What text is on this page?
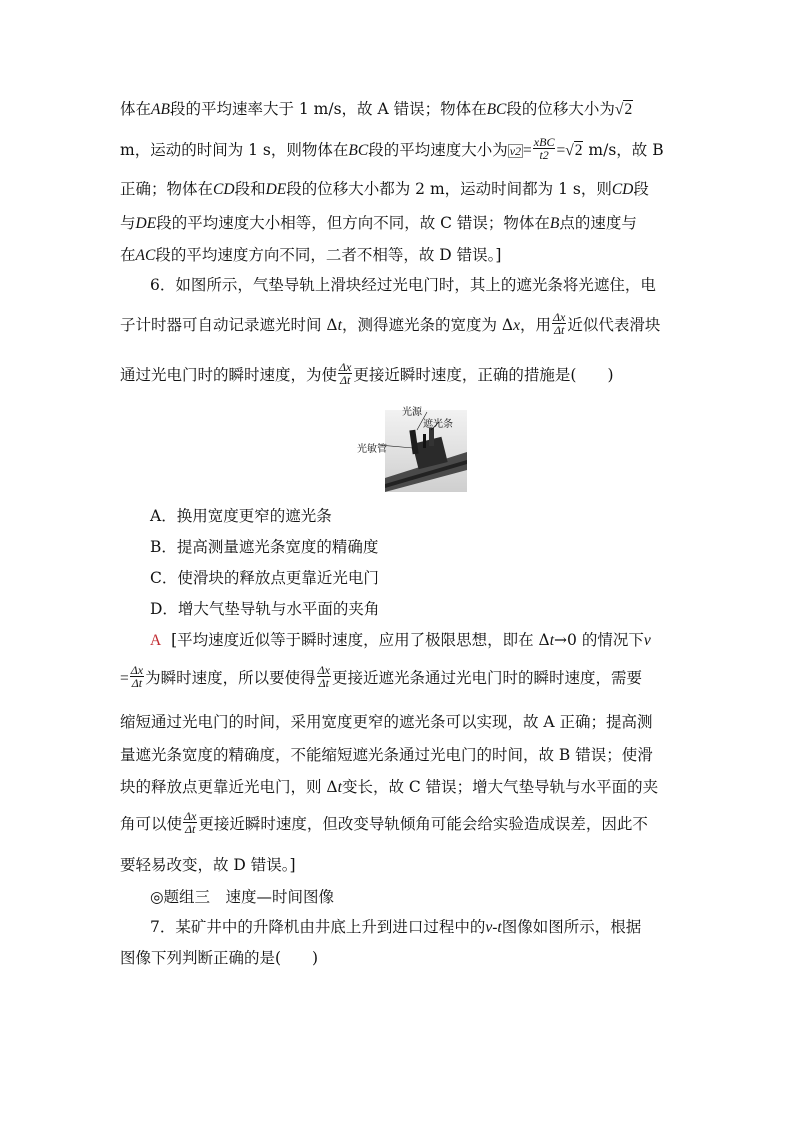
体在AB段的平均速率大于 1 m/s，故 A 错误；物体在BC段的位移大小为√2
m，运动的时间为 1 s，则物体在BC段的平均速度大小为 $v2 = \frac{\text{xBC}}{t2} =√2$ m/s，故 B
正确；物体在CD段和DE段的位移大小都为 2 m，运动时间都为 1 s，则CD段
与DE段的平均速度大小相等，但方向不同，故 C 错误；物体在B点的速度与
在AC段的平均速度方向不同，二者不相等，故 D 错误。]
6．如图所示，气垫导轨上滑块经过光电门时，其上的遮光条将光遮住，电
子计时器可自动记录遮光时间 Δt，测得遮光条的宽度为 Δx，用 $\frac{\Delta x}{\Delta t}$ 近似代表滑块
通过光电门时的瞬时速度，为使 $\frac{\Delta x}{\Delta t}$ 更接近瞬时速度，正确的措施是(　　)
光源
遮光条
光敏管
A．换用宽度更窄的遮光条
B．提高测量遮光条宽度的精确度
C．使滑块的释放点更靠近光电门
D．增大气垫导轨与水平面的夹角
A [平均速度近似等于瞬时速度，应用了极限思想，即在 Δt→0 的情况下v
= $\frac{\Delta x}{\Delta t}$ 为瞬时速度，所以要使得 $\frac{\Delta x}{\Delta t}$ 更接近遮光条通过光电门时的瞬时速度，需要
缩短通过光电门的时间，采用宽度更窄的遮光条可以实现，故 A 正确；提高测
量遮光条宽度的精确度，不能缩短遮光条通过光电门的时间，故 B 错误；使滑
块的释放点更靠近光电门，则 Δt变长，故 C 错误；增大气垫导轨与水平面的夹
角可以使 $\frac{\Delta x}{\Delta t}$ 更接近瞬时速度，但改变导轨倾角可能会给实验造成误差，因此不
要轻易改变，故 D 错误。]
◎题组三　速度—时间图像
7．某矿井中的升降机由井底上升到进口过程中的v-t图像如图所示，根据
图像下列判断正确的是(　　)
